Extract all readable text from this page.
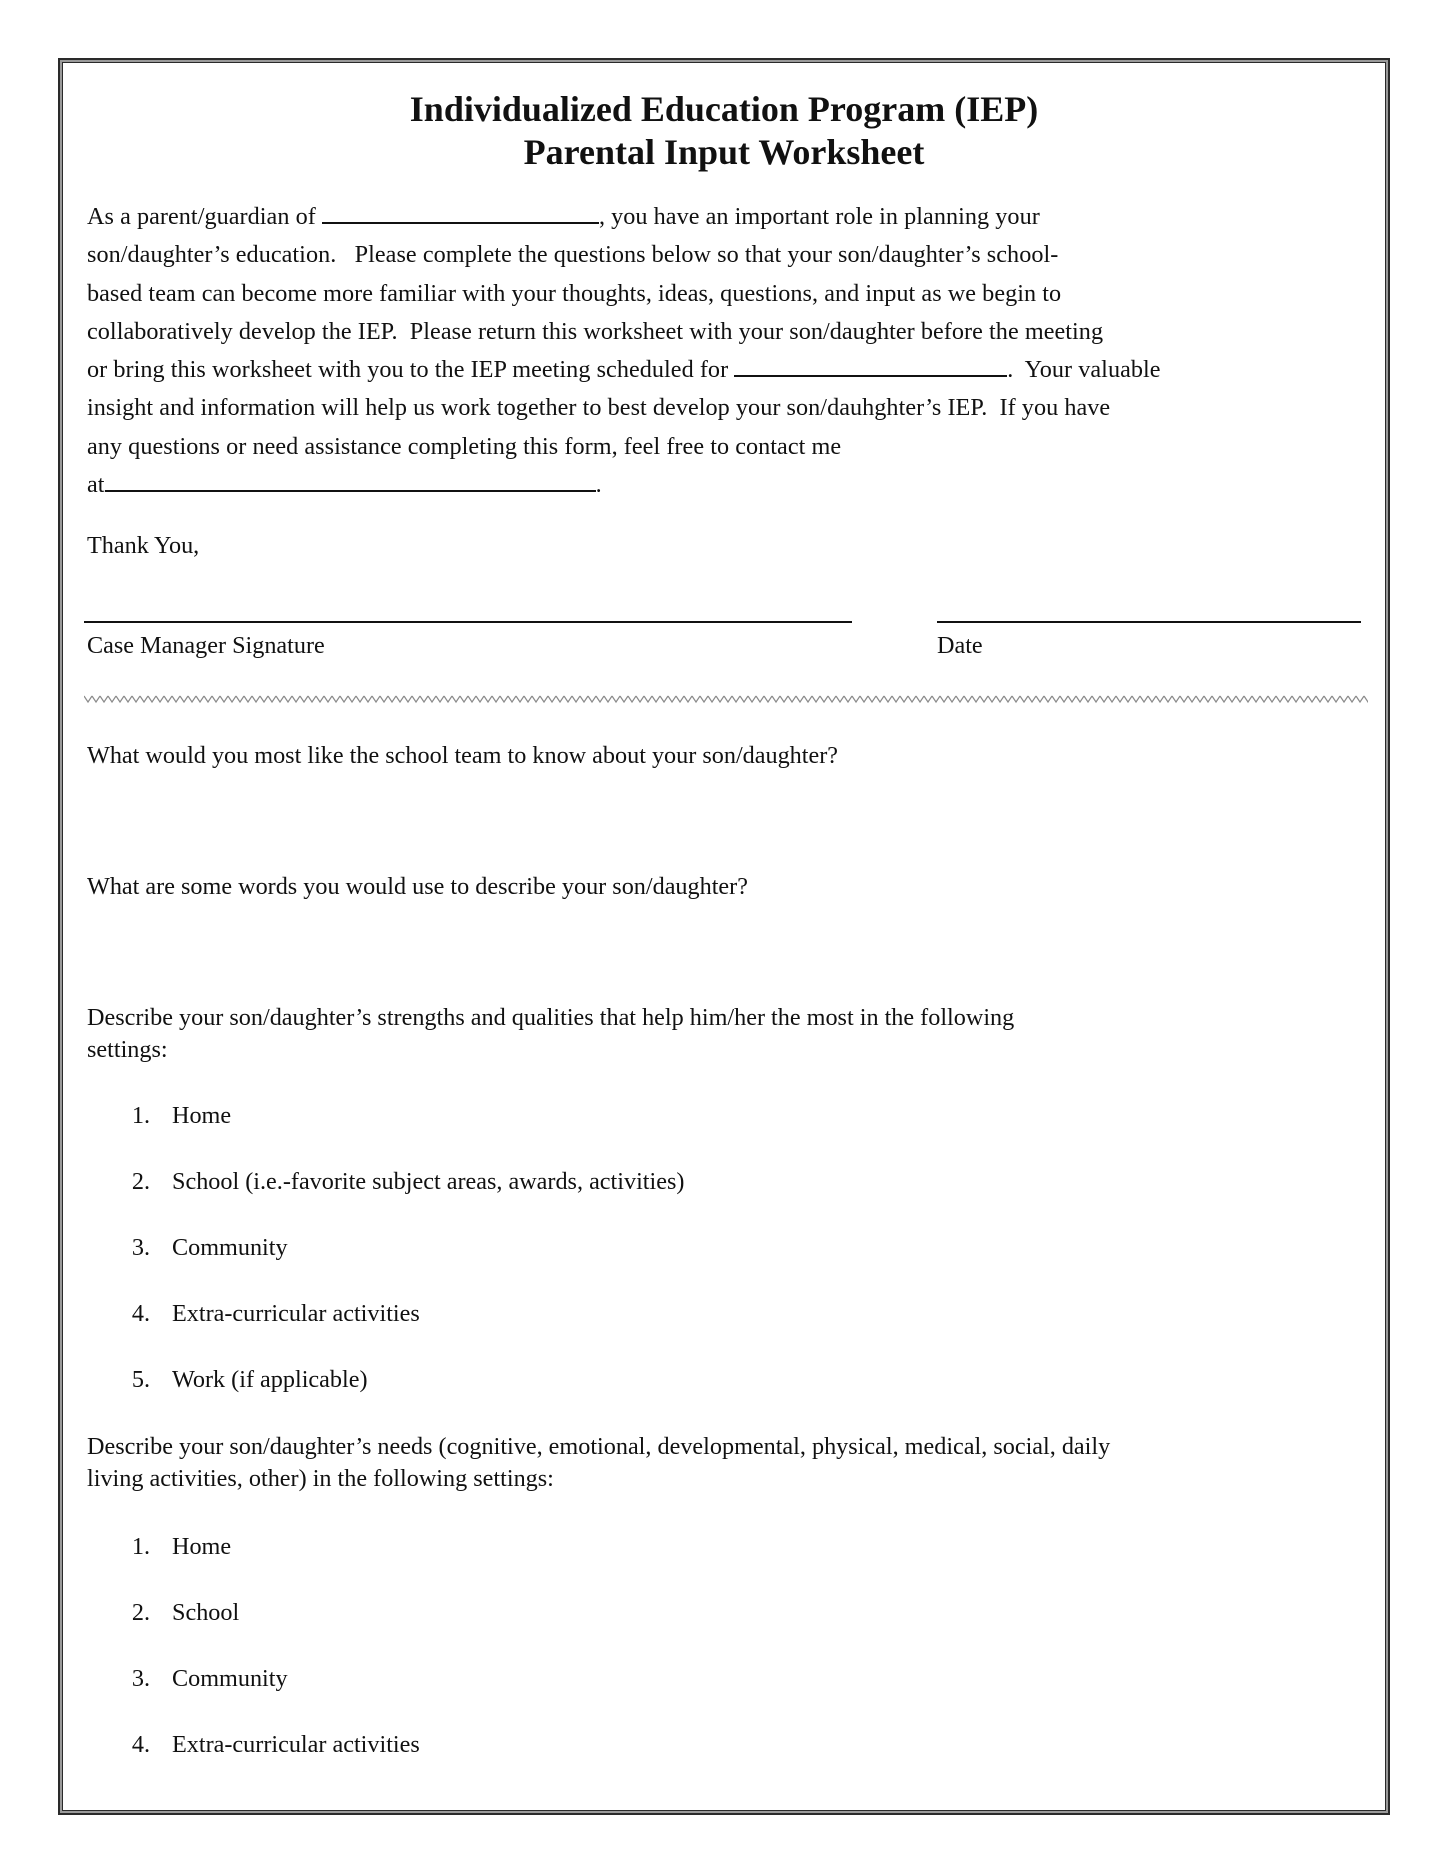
Individualized Education Program (IEP)
Parental Input Worksheet
As a parent/guardian of	, you have an important role in planning your
son/daughter’s education.   Please complete the questions below so that your son/daughter’s school-
based team can become more familiar with your thoughts, ideas, questions, and input as we begin to
collaboratively develop the IEP.  Please return this worksheet with your son/daughter before the meeting
or bring this worksheet with you to the IEP meeting scheduled for	.  Your valuable
insight and information will help us work together to best develop your son/dauhghter’s IEP.  If you have
any questions or need assistance completing this form, feel free to contact me
at	.
Thank You,
Case Manager Signature	Date
What would you most like the school team to know about your son/daughter?
What are some words you would use to describe your son/daughter?
Describe your son/daughter’s strengths and qualities that help him/her the most in the following
settings:
1. Home
2. School (i.e.-favorite subject areas, awards, activities)
3. Community
4. Extra-curricular activities
5. Work (if applicable)
Describe your son/daughter’s needs (cognitive, emotional, developmental, physical, medical, social, daily
living activities, other) in the following settings:
1. Home
2. School
3. Community
4. Extra-curricular activities
